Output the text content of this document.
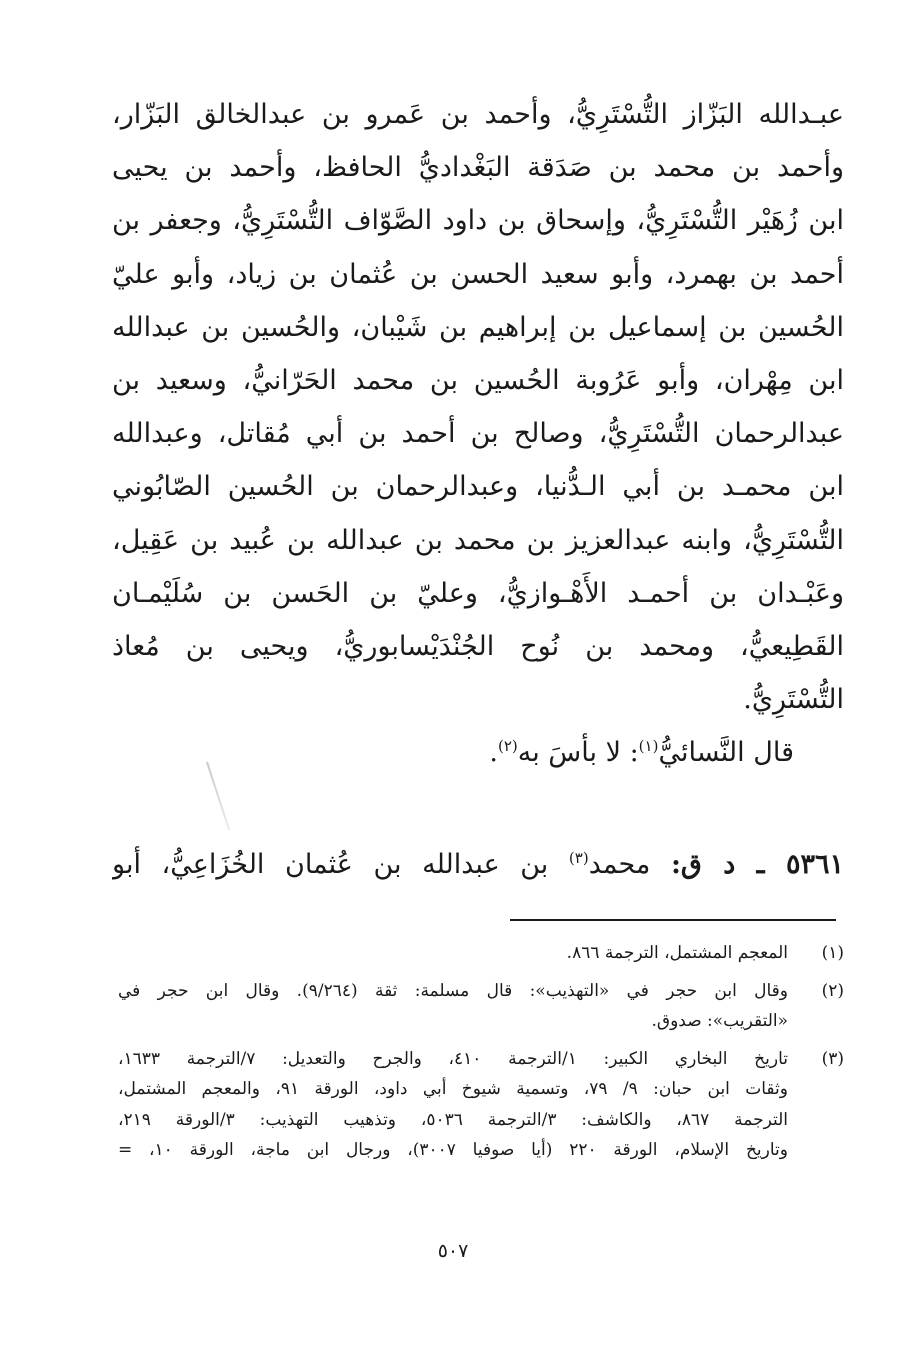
عبـدالله البَزّاز التُّسْتَرِيُّ، وأحمد بن عَمرو بن عبدالخالق البَزّار،
وأحمد بن محمد بن صَدَقة البَغْداديُّ الحافظ، وأحمد بن يحيى
ابن زُهَيْر التُّسْتَرِيُّ، وإسحاق بن داود الصَّوّاف التُّسْتَرِيُّ، وجعفر بن
أحمد بن بهمرد، وأبو سعيد الحسن بن عُثمان بن زياد، وأبو عليّ
الحُسين بن إسماعيل بن إبراهيم بن شَيْبان، والحُسين بن عبدالله
ابن مِهْران، وأبو عَرُوبة الحُسين بن محمد الحَرّانيُّ، وسعيد بن
عبدالرحمان التُّسْتَرِيُّ، وصالح بن أحمد بن أبي مُقاتل، وعبدالله
ابن محمـد بن أبي الـدُّنيا، وعبدالرحمان بن الحُسين الصّابُوني
التُّسْتَرِيُّ، وابنه عبدالعزيز بن محمد بن عبدالله بن عُبيد بن عَقِيل،
وعَبْـدان بن أحمـد الأَهْـوازيُّ، وعليّ بن الحَسن بن سُلَيْمـان
القَطِيعيُّ، ومحمد بن نُوح الجُنْدَيْسابوريُّ، ويحيى بن مُعاذ
التُّسْتَرِيُّ.
قال النَّسائيُّ$^{(١)}$: لا بأسَ به$^{(٢)}$.
٥٣٦١ ـ د ق: محمد$^{(٣)}$ بن عبدالله بن عُثمان الخُزَاعِيُّ، أبو
(١)
المعجم المشتمل، الترجمة ٨٦٦.
(٢)
وقال ابن حجر في «التهذيب»: قال مسلمة: ثقة (٩/٢٦٤). وقال ابن حجر في
«التقريب»: صدوق.
(٣)
تاريخ البخاري الكبير: ١/الترجمة ٤١٠، والجرح والتعديل: ٧/الترجمة ١٦٣٣،
وثقات ابن حبان: ٩/ ٧٩، وتسمية شيوخ أبي داود، الورقة ٩١، والمعجم المشتمل،
الترجمة ٨٦٧، والكاشف: ٣/الترجمة ٥٠٣٦، وتذهيب التهذيب: ٣/الورقة ٢١٩،
وتاريخ الإسلام، الورقة ٢٢٠ (أيا صوفيا ٣٠٠٧)، ورجال ابن ماجة، الورقة ١٠، =
٥٠٧
